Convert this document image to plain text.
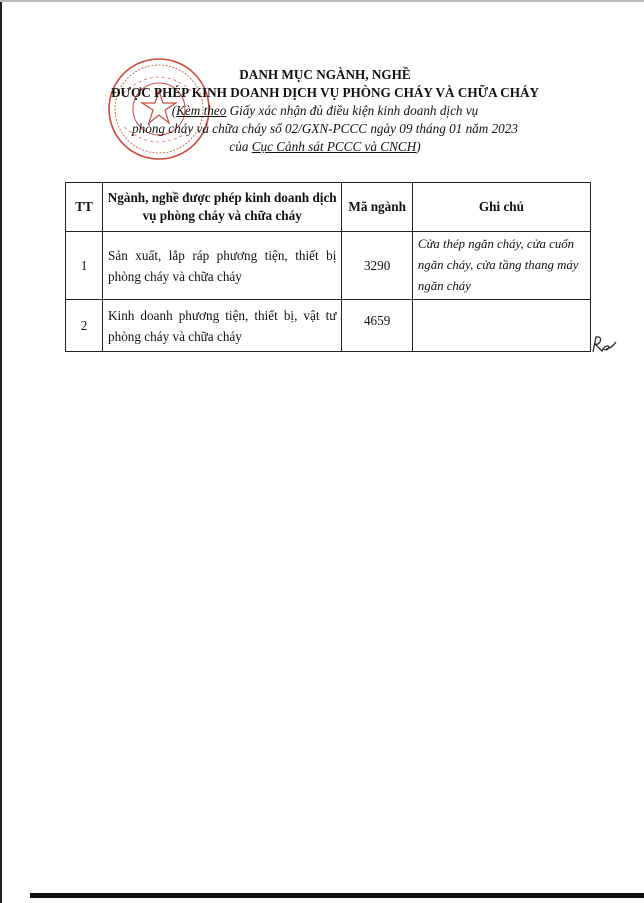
DANH MỤC NGÀNH, NGHỀ
ĐƯỢC PHÉP KINH DOANH DỊCH VỤ PHÒNG CHÁY VÀ CHỮA CHÁY
(Kèm theo Giấy xác nhận đủ điều kiện kinh doanh dịch vụ
phòng cháy và chữa cháy số 02/GXN-PCCC ngày 09 tháng 01 năm 2023
của Cục Cảnh sát PCCC và CNCH)
TT	Ngành, nghề được phép kinh doanh dịch vụ phòng cháy và chữa cháy	Mã ngành	Ghi chú
1	Sản xuất, lắp ráp phương tiện, thiết bị phòng cháy và chữa cháy	3290	Cửa thép ngăn cháy, cửa cuốn ngăn cháy, cửa tầng thang máy ngăn cháy
2	Kinh doanh phương tiện, thiết bị, vật tư phòng cháy và chữa cháy	4659	
